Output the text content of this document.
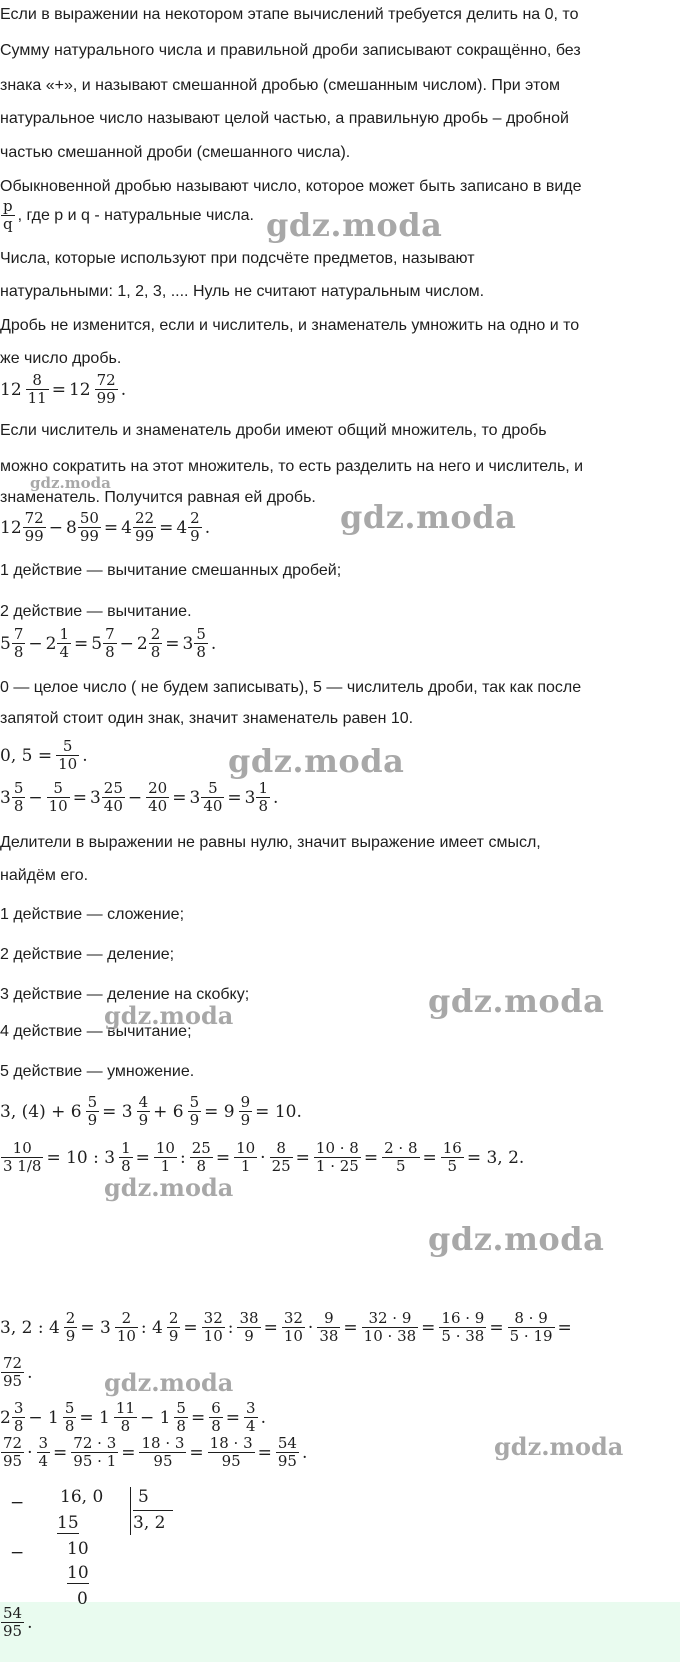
Если в выражении на некотором этапе вычислений требуется делить на 0, то
Сумму натурального числа и правильной дроби записывают сокращённо, без
знака «+», и называют смешанной дробью (смешанным числом). При этом
натуральное число называют целой частью, а правильную дробь – дробной
частью смешанной дроби (смешанного числа).
Обыкновенной дробью называют число, которое может быть записано в виде
$\frac{p}{q}$ , где p и q - натуральные числа.
Числа, которые используют при подсчёте предметов, называют
натуральными: 1, 2, 3, .... Нуль не считают натуральным числом.
Дробь не изменится, если и числитель, и знаменатель умножить на одно и то
же число дробь.
$12 \frac{8}{11} = 12 \frac{72}{99}$ .
Если числитель и знаменатель дроби имеют общий множитель, то дробь
можно сократить на этот множитель, то есть разделить на него и числитель, и
знаменатель. Получится равная ей дробь.
$12 \frac{72}{99} - 8 \frac{50}{99} = 4 \frac{22}{99} = 4 \frac{2}{9}$ .
1 действие — вычитание смешанных дробей;
2 действие — вычитание.
$5 \frac{7}{8} - 2 \frac{1}{4} = 5 \frac{7}{8} - 2 \frac{2}{8} = 3 \frac{5}{8}$ .
0 — целое число ( не будем записывать), 5 — числитель дроби, так как после
запятой стоит один знак, значит знаменатель равен 10.
0, $5 = \frac{5}{10}$ .
$3 \frac{5}{8} - \frac{5}{10} = 3 \frac{25}{40} - \frac{20}{40} = 3 \frac{5}{40} = 3 \frac{1}{8}$ .
Делители в выражении не равны нулю, значит выражение имеет смысл,
найдём его.
1 действие — сложение;
2 действие — деление;
3 действие — деление на скобку;
4 действие — вычитание;
5 действие — умножение.
3, $(4) + 6 \frac{5}{9} = 3 \frac{4}{9} + 6 \frac{5}{9} = 9 \frac{9}{9} = 10$.
$\frac{10}{3 1/8} = 10$ : $3 \frac{1}{8} = \frac{10}{1}$ : $\frac{25}{8} = \frac{10}{1} \cdot \frac{8}{25} = \frac{10 \cdot 8}{1 \cdot 25} = \frac{2 \cdot 8}{5} = \frac{16}{5} = 3$, 2.
− 16, 0
15
−	10
10
0
5
3, 2
3, 2 : $4 \frac{2}{9} = 3 \frac{2}{10}$ : $4 \frac{2}{9} = \frac{32}{10}$ : $\frac{38}{9} = \frac{32}{10} \cdot \frac{9}{38} = \frac{32 \cdot 9}{10 \cdot 38} = \frac{16 \cdot 9}{5 \cdot 38} = \frac{8 \cdot 9}{5 \cdot 19}$ =
$\frac{72}{95}$ .
$2 \frac{3}{8} - 1 \frac{5}{8} = 1 \frac{11}{8} - 1 \frac{5}{8} = \frac{6}{8} = \frac{3}{4}$ .
$\frac{72}{95} \cdot \frac{3}{4} = \frac{72 \cdot 3}{95 \cdot 1} = \frac{18 \cdot 3}{95} = \frac{18 \cdot 3}{95} = \frac{54}{95}$ .
$\frac{54}{95}$ .
gdz.moda
gdz.moda
gdz.moda
gdz.moda
gdz.moda
gdz.moda
gdz.moda
gdz.moda
gdz.moda
gdz.moda
